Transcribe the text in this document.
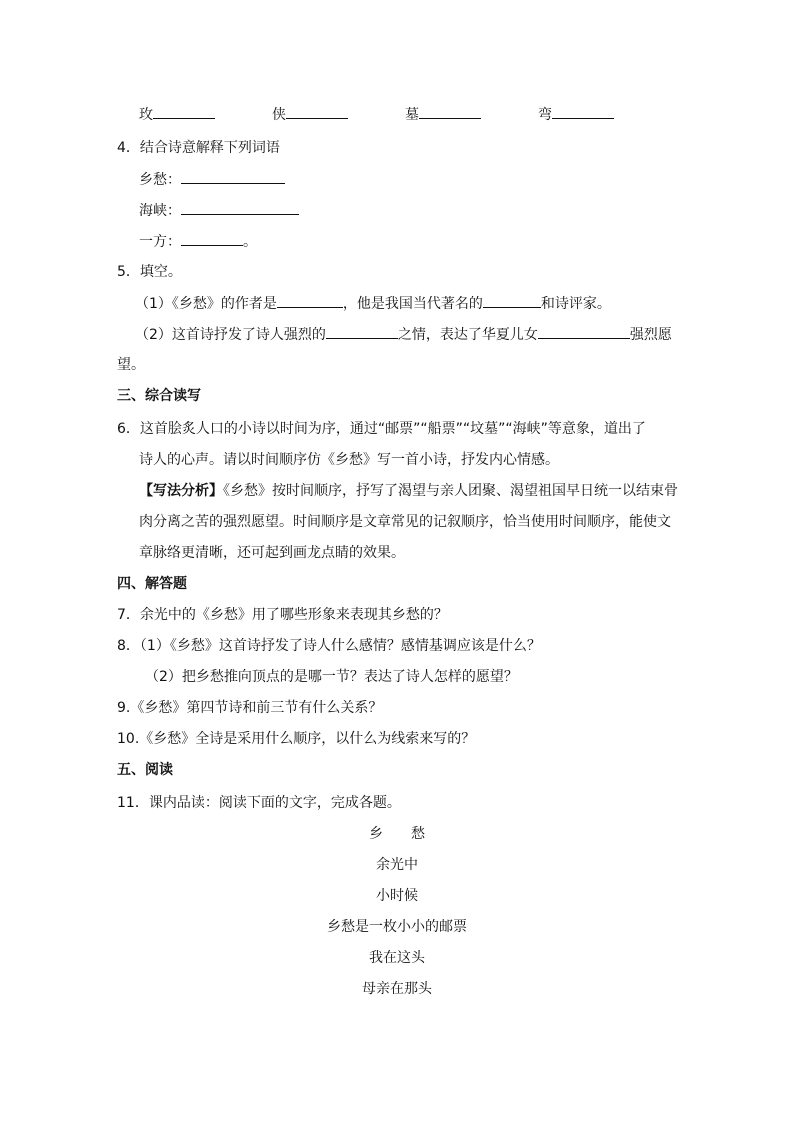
玫	侠	墓	弯
4．结合诗意解释下列词语
乡愁：
海峡：
一方：	。
5．填空。
（1）《乡愁》的作者是	，他是我国当代著名的	和诗评家。
（2）这首诗抒发了诗人强烈的	之情，表达了华夏儿女	强烈愿
望。
三、综合读写
6．这首脍炙人口的小诗以时间为序，通过“邮票”“船票”“坟墓”“海峡”等意象，道出了
诗人的心声。请以时间顺序仿《乡愁》写一首小诗，抒发内心情感。
【写法分析】《乡愁》按时间顺序，抒写了渴望与亲人团聚、渴望祖国早日统一以结束骨
肉分离之苦的强烈愿望。时间顺序是文章常见的记叙顺序，恰当使用时间顺序，能使文
章脉络更清晰，还可起到画龙点睛的效果。
四、解答题
7．余光中的《乡愁》用了哪些形象来表现其乡愁的？
8．（1）《乡愁》这首诗抒发了诗人什么感情？感情基调应该是什么？
（2）把乡愁推向顶点的是哪一节？表达了诗人怎样的愿望？
9.《乡愁》第四节诗和前三节有什么关系？
10.《乡愁》全诗是采用什么顺序，以什么为线索来写的？
五、阅读
11．课内品读：阅读下面的文字，完成各题。
乡　　愁
余光中
小时候
乡愁是一枚小小的邮票
我在这头
母亲在那头
